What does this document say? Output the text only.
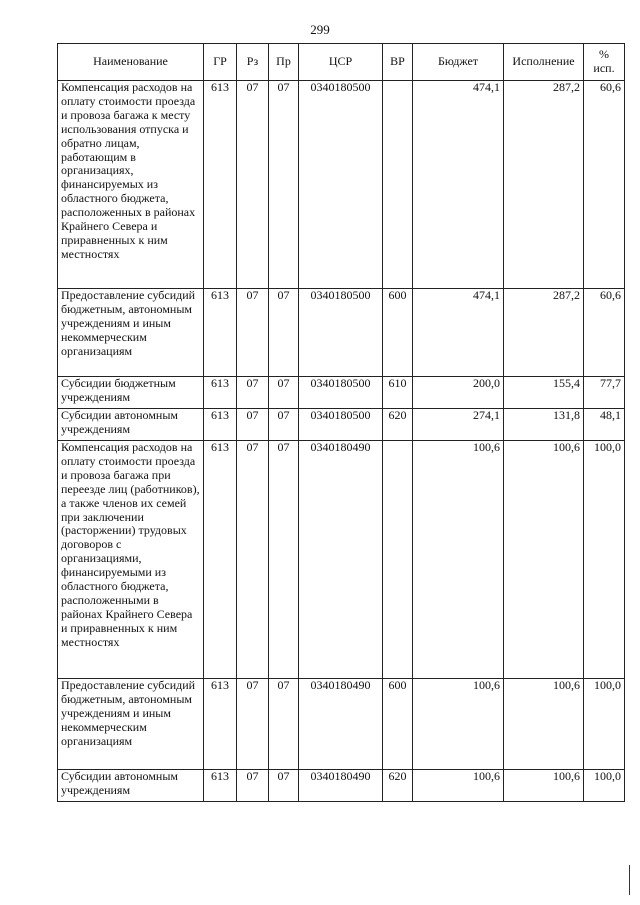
299
Наименование	ГР	Рз	Пр	ЦСР	ВР	Бюджет	Исполнение	% исп.
Компенсация расходов на оплату стоимости проезда и провоза багажа к месту использования отпуска и обратно лицам, работающим в организациях, финансируемых из областного бюджета, расположенных в районах Крайнего Севера и приравненных к ним местностях	613	07	07	0340180500		474,1	287,2	60,6
Предоставление субсидий бюджетным, автономным учреждениям и иным некоммерческим организациям	613	07	07	0340180500	600	474,1	287,2	60,6
Субсидии бюджетным учреждениям	613	07	07	0340180500	610	200,0	155,4	77,7
Субсидии автономным учреждениям	613	07	07	0340180500	620	274,1	131,8	48,1
Компенсация расходов на оплату стоимости проезда и провоза багажа при переезде лиц (работников), а также членов их семей при заключении (расторжении) трудовых договоров с организациями, финансируемыми из областного бюджета, расположенными в районах Крайнего Севера и приравненных к ним местностях	613	07	07	0340180490		100,6	100,6	100,0
Предоставление субсидий бюджетным, автономным учреждениям и иным некоммерческим организациям	613	07	07	0340180490	600	100,6	100,6	100,0
Субсидии автономным учреждениям	613	07	07	0340180490	620	100,6	100,6	100,0
